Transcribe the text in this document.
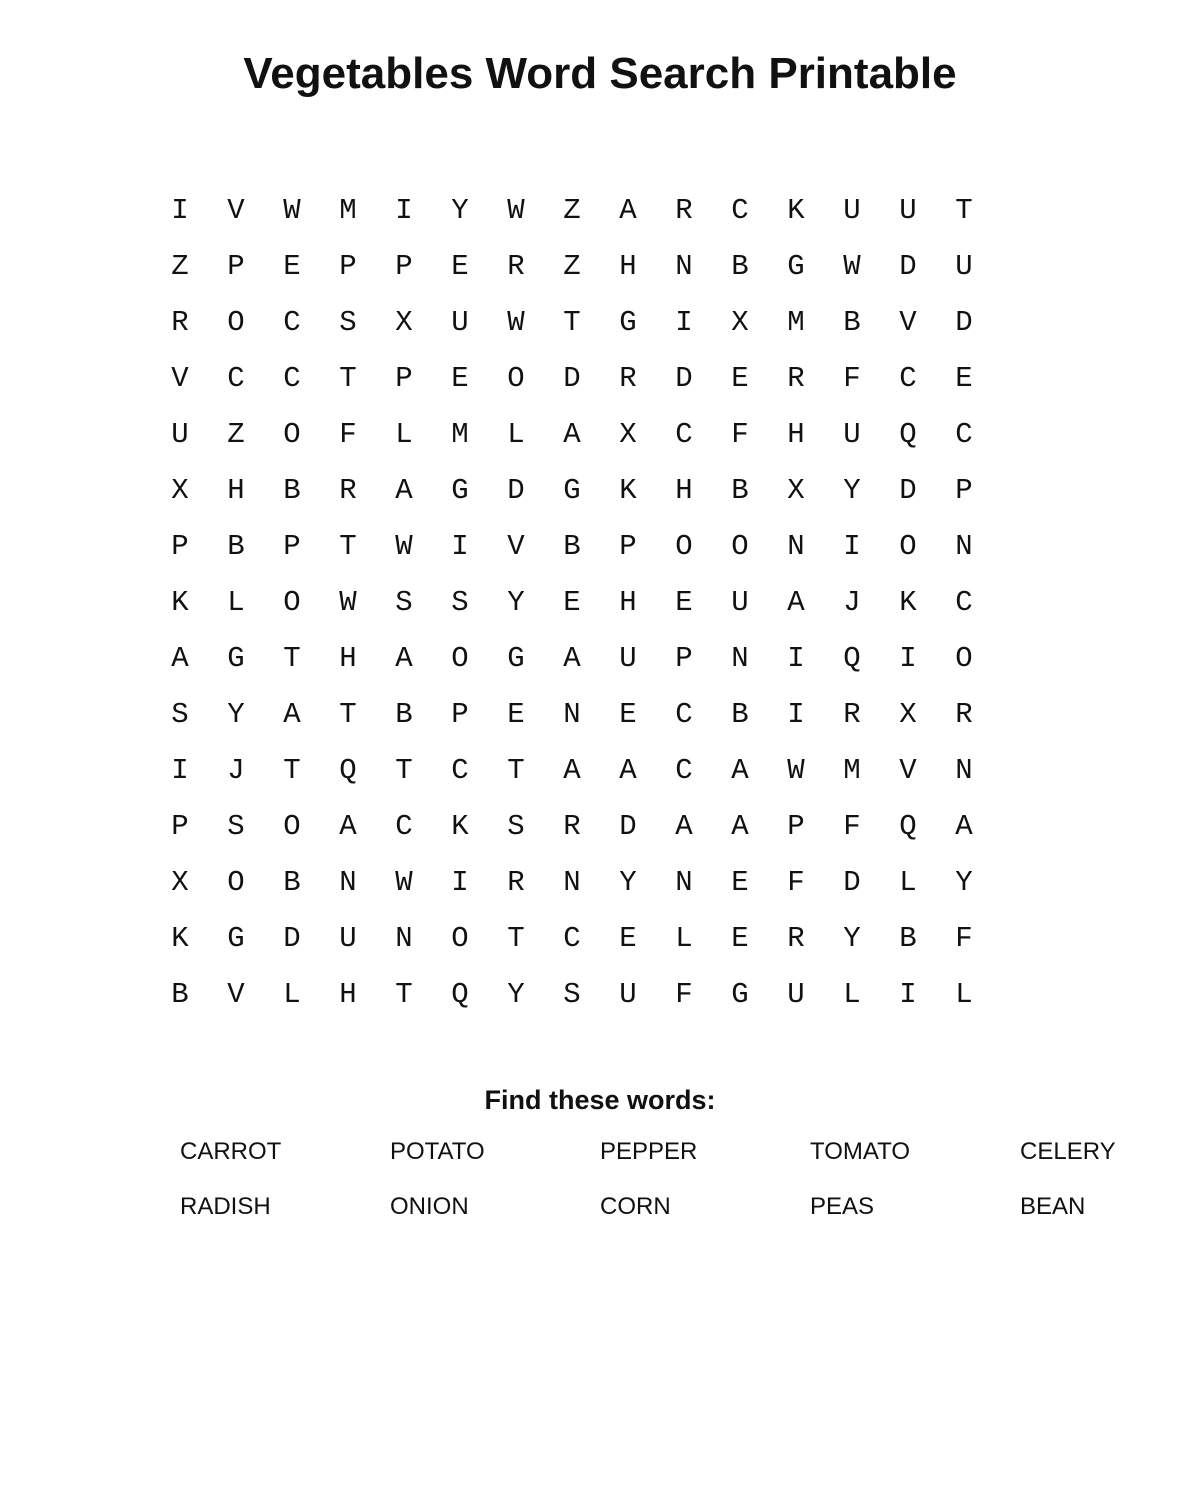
Vegetables Word Search Printable
I	V	W	M	I	Y	W	Z	A	R	C	K	U	U	T
Z	P	E	P	P	E	R	Z	H	N	B	G	W	D	U
R	O	C	S	X	U	W	T	G	I	X	M	B	V	D
V	C	C	T	P	E	O	D	R	D	E	R	F	C	E
U	Z	O	F	L	M	L	A	X	C	F	H	U	Q	C
X	H	B	R	A	G	D	G	K	H	B	X	Y	D	P
P	B	P	T	W	I	V	B	P	O	O	N	I	O	N
K	L	O	W	S	S	Y	E	H	E	U	A	J	K	C
A	G	T	H	A	O	G	A	U	P	N	I	Q	I	O
S	Y	A	T	B	P	E	N	E	C	B	I	R	X	R
I	J	T	Q	T	C	T	A	A	C	A	W	M	V	N
P	S	O	A	C	K	S	R	D	A	A	P	F	Q	A
X	O	B	N	W	I	R	N	Y	N	E	F	D	L	Y
K	G	D	U	N	O	T	C	E	L	E	R	Y	B	F
B	V	L	H	T	Q	Y	S	U	F	G	U	L	I	L
Find these words:
CARROT	POTATO	PEPPER	TOMATO	CELERY
RADISH	ONION	CORN	PEAS	BEAN
